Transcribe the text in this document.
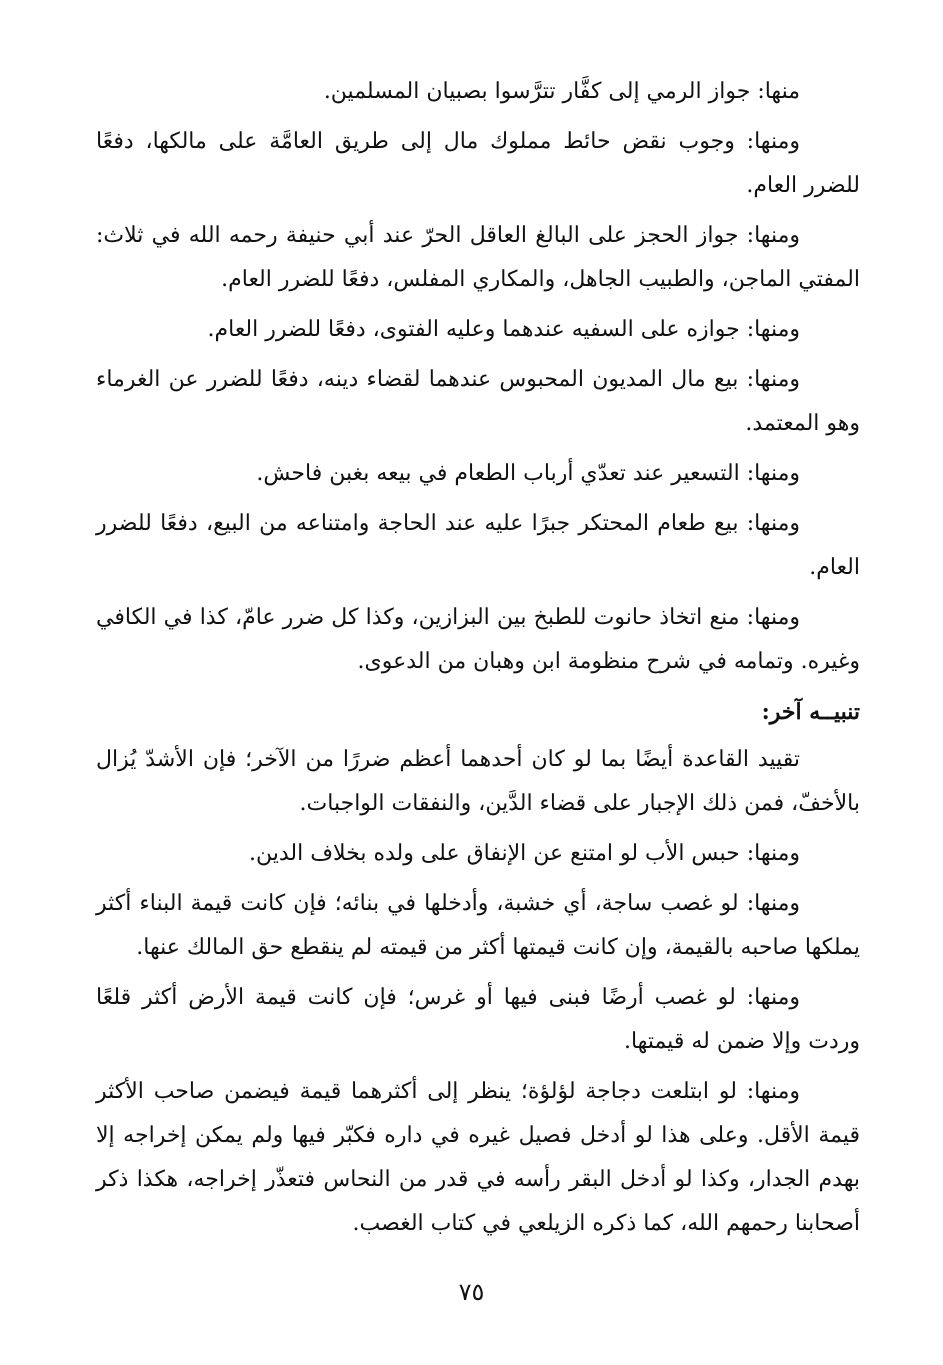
منها: جواز الرمي إلى كفَّار تترَّسوا بصبيان المسلمين.

ومنها: وجوب نقض حائط مملوك مال إلى طريق العامَّة على مالكها، دفعًا للضرر العام.

ومنها: جواز الحجز على البالغ العاقل الحرّ عند أبي حنيفة رحمه الله في ثلاث: المفتي الماجن، والطبيب الجاهل، والمكاري المفلس، دفعًا للضرر العام.

ومنها: جوازه على السفيه عندهما وعليه الفتوى، دفعًا للضرر العام.

ومنها: بيع مال المديون المحبوس عندهما لقضاء دينه، دفعًا للضرر عن الغرماء وهو المعتمد.

ومنها: التسعير عند تعدّي أرباب الطعام في بيعه بغبن فاحش.

ومنها: بيع طعام المحتكر جبرًا عليه عند الحاجة وامتناعه من البيع، دفعًا للضرر العام.

ومنها: منع اتخاذ حانوت للطبخ بين البزازين، وكذا كل ضرر عامّ، كذا في الكافي وغيره. وتمامه في شرح منظومة ابن وهبان من الدعوى.

تنبيــه آخر:

تقييد القاعدة أيضًا بما لو كان أحدهما أعظم ضررًا من الآخر؛ فإن الأشدّ يُزال بالأخفّ، فمن ذلك الإجبار على قضاء الدَّين، والنفقات الواجبات.

ومنها: حبس الأب لو امتنع عن الإنفاق على ولده بخلاف الدين.

ومنها: لو غصب ساجة، أي خشبة، وأدخلها في بنائه؛ فإن كانت قيمة البناء أكثر يملكها صاحبه بالقيمة، وإن كانت قيمتها أكثر من قيمته لم ينقطع حق المالك عنها.

ومنها: لو غصب أرضًا فبنى فيها أو غرس؛ فإن كانت قيمة الأرض أكثر قلعًا وردت وإلا ضمن له قيمتها.

ومنها: لو ابتلعت دجاجة لؤلؤة؛ ينظر إلى أكثرهما قيمة فيضمن صاحب الأكثر قيمة الأقل. وعلى هذا لو أدخل فصيل غيره في داره فكبّر فيها ولم يمكن إخراجه إلا بهدم الجدار، وكذا لو أدخل البقر رأسه في قدر من النحاس فتعذّر إخراجه، هكذا ذكر أصحابنا رحمهم الله، كما ذكره الزيلعي في كتاب الغصب.

٧٥
